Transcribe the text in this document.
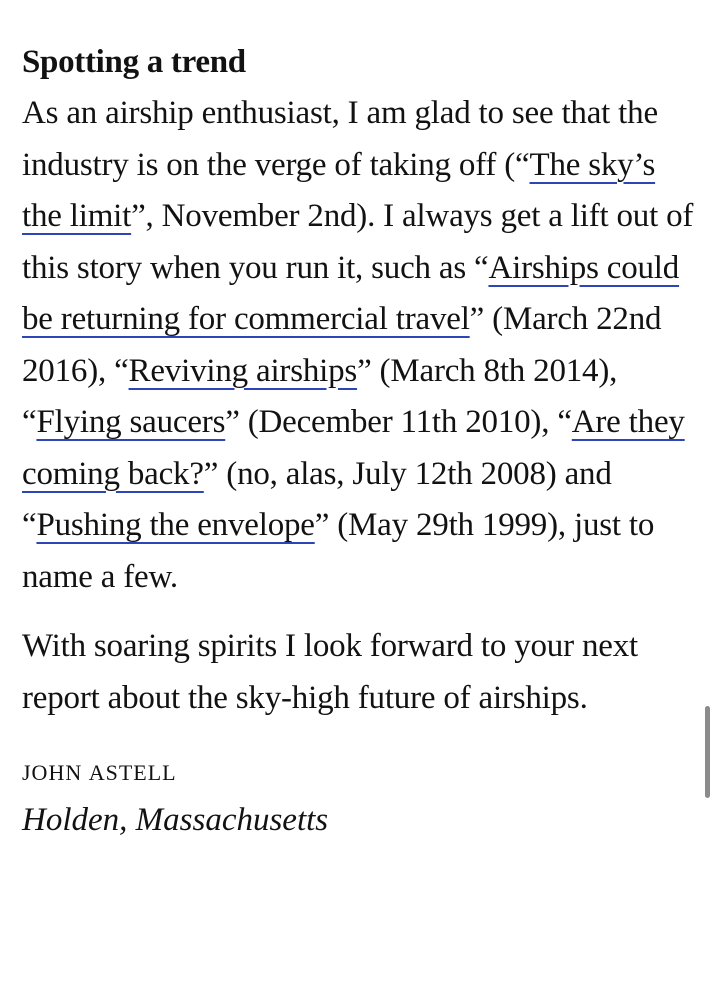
Spotting a trend

As an airship enthusiast, I am glad to see that the industry is on the verge of taking off (“The sky’s the limit”, November 2nd). I always get a lift out of this story when you run it, such as “Airships could be returning for commercial travel” (March 22nd 2016), “Reviving airships” (March 8th 2014), “Flying saucers” (December 11th 2010), “Are they coming back?” (no, alas, July 12th 2008) and “Pushing the envelope” (May 29th 1999), just to name a few.

With soaring spirits I look forward to your next report about the sky-high future of airships.

john astell
Holden, Massachusetts
